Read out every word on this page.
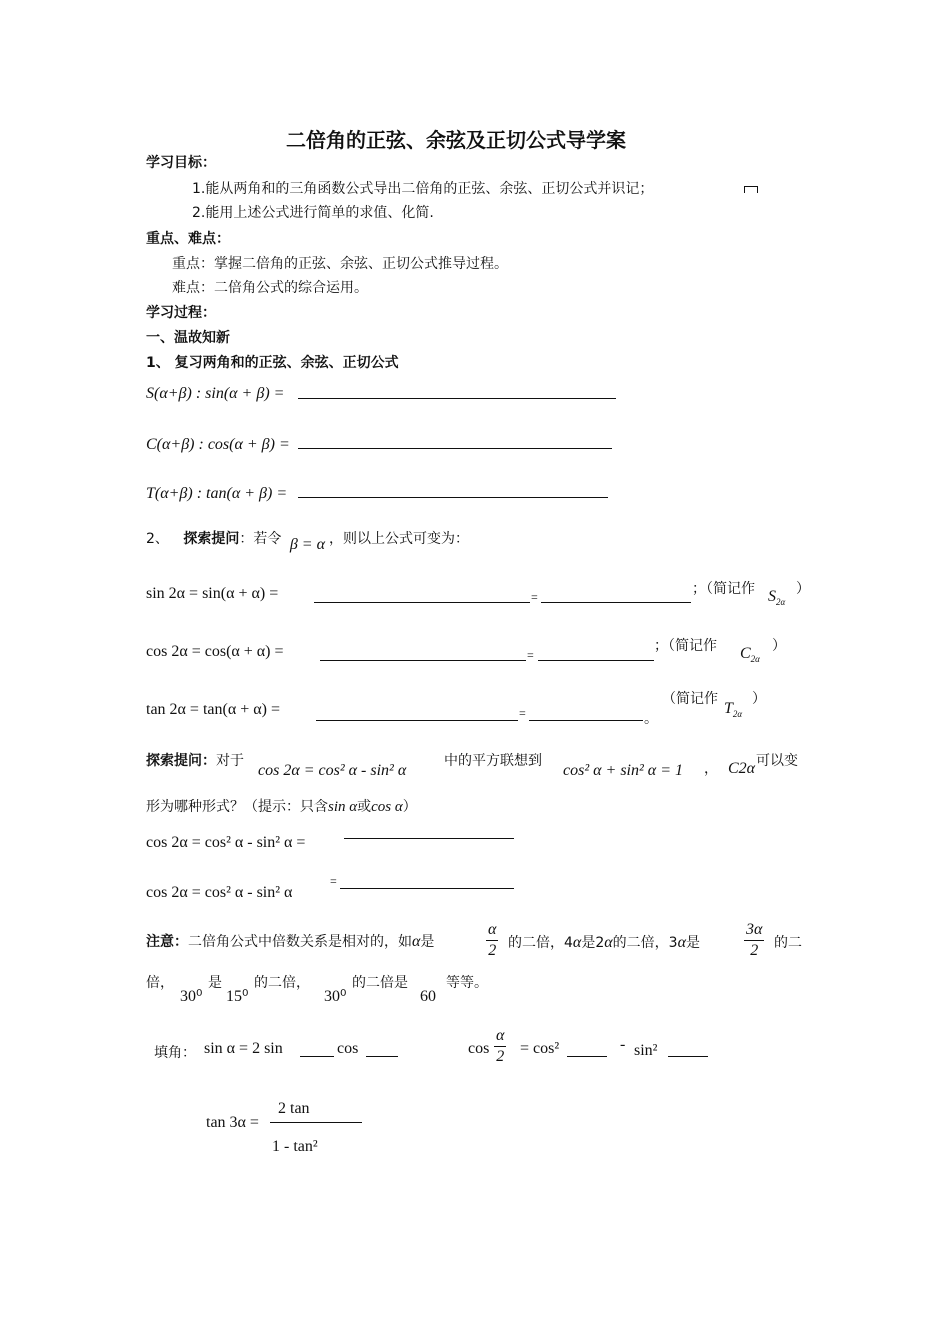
二倍角的正弦、余弦及正切公式导学案
学习目标：
1.能从两角和的三角函数公式导出二倍角的正弦、余弦、正切公式并识记；
2.能用上述公式进行简单的求值、化简.
重点、难点：
重点：掌握二倍角的正弦、余弦、正切公式推导过程。
难点：二倍角公式的综合运用。
学习过程：
一、温故知新
1、 复习两角和的正弦、余弦、正切公式
S(α+β) : sin(α + β) =
C(α+β) : cos(α + β) =
T(α+β) : tan(α + β) =
2、 探索提问：若令 β = α ，则以上公式可变为：
sin 2α = sin(α + α) =	=	；（简记作 $S_{2\alpha}$
）
cos 2α = cos(α + α) =	=
；（简记作 $C_{2\alpha}$
）
tan 2α = tan(α + α) =	=	。
（简记作
$T_{2\alpha}$
）
探索提问：对于
cos 2α = cos² α - sin² α
中的平方联想到
cos² α + sin² α = 1 ， C2α 可以变
形为哪种形式？（提示：只含sin α或cos α）
cos 2α = cos² α - sin² α =
cos 2α = cos² α - sin² α
=
注意：二倍角公式中倍数关系是相对的，如α是	$\frac{\alpha}{2}$ 的二倍，4α是2α的二倍，3α是	$\frac{3\alpha}{2}$ 的二
倍，
30⁰
是
15⁰
的二倍，
30⁰
的二倍是
60
等等。
填角： sin α = 2 sin	cos	$\cos \frac{\alpha}{2} = \cos^2$	- sin²
tan 3α =
2 tan
1 - tan²
